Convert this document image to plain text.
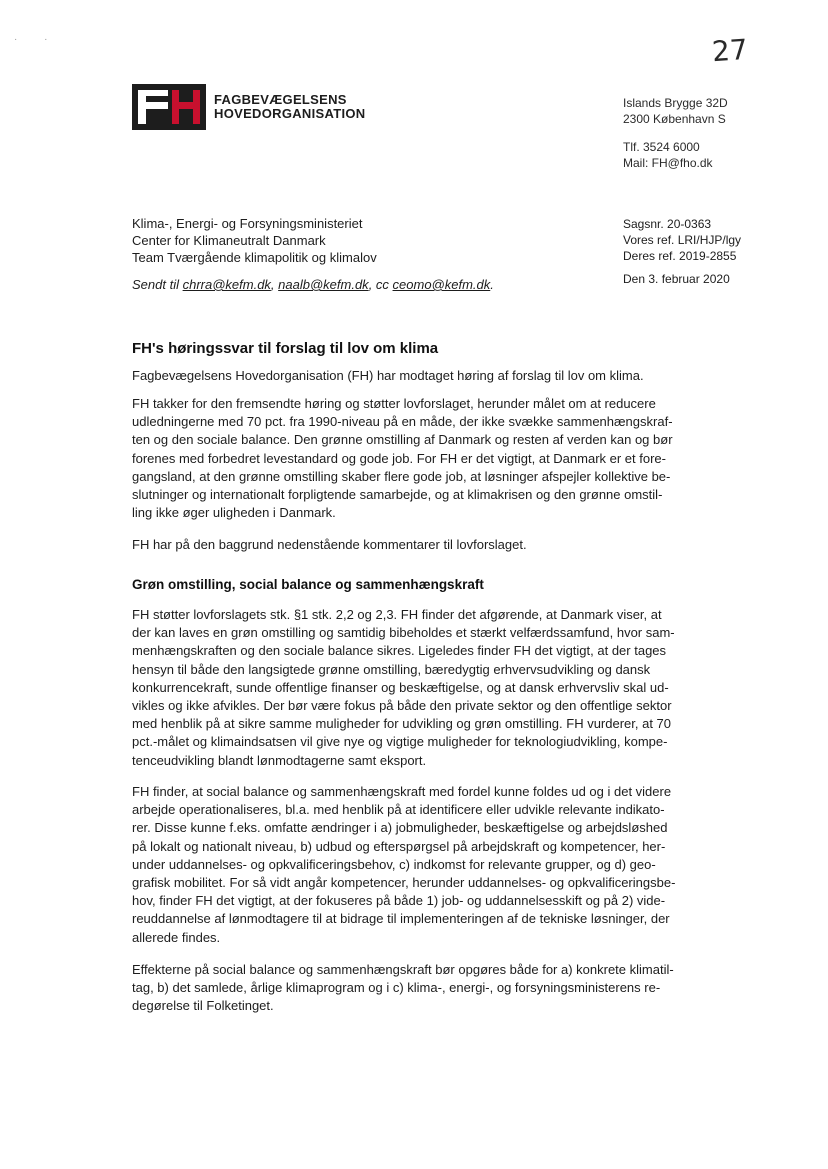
· ·	27
FAGBEVÆGELSENS
HOVEDORGANISATION
Islands Brygge 32D
2300 København S
Tlf. 3524 6000
Mail: FH@fho.dk
Klima-, Energi- og Forsyningsministeriet
Center for Klimaneutralt Danmark
Team Tværgående klimapolitik og klimalov
Sendt til chrra@kefm.dk, naalb@kefm.dk, cc ceomo@kefm.dk.
Sagsnr. 20-0363
Vores ref. LRI/HJP/lgy
Deres ref. 2019-2855
Den 3. februar 2020
FH's høringssvar til forslag til lov om klima
Fagbevægelsens Hovedorganisation (FH) har modtaget høring af forslag til lov om klima.
FH takker for den fremsendte høring og støtter lovforslaget, herunder målet om at reducere
udledningerne med 70 pct. fra 1990-niveau på en måde, der ikke svække sammenhængskraf-
ten og den sociale balance. Den grønne omstilling af Danmark og resten af verden kan og bør
forenes med forbedret levestandard og gode job. For FH er det vigtigt, at Danmark er et fore-
gangsland, at den grønne omstilling skaber flere gode job, at løsninger afspejler kollektive be-
slutninger og internationalt forpligtende samarbejde, og at klimakrisen og den grønne omstil-
ling ikke øger uligheden i Danmark.
FH har på den baggrund nedenstående kommentarer til lovforslaget.
Grøn omstilling, social balance og sammenhængskraft
FH støtter lovforslagets stk. §1 stk. 2,2 og 2,3. FH finder det afgørende, at Danmark viser, at
der kan laves en grøn omstilling og samtidig bibeholdes et stærkt velfærdssamfund, hvor sam-
menhængskraften og den sociale balance sikres. Ligeledes finder FH det vigtigt, at der tages
hensyn til både den langsigtede grønne omstilling, bæredygtig erhvervsudvikling og dansk
konkurrencekraft, sunde offentlige finanser og beskæftigelse, og at dansk erhvervsliv skal ud-
vikles og ikke afvikles. Der bør være fokus på både den private sektor og den offentlige sektor
med henblik på at sikre samme muligheder for udvikling og grøn omstilling. FH vurderer, at 70
pct.-målet og klimaindsatsen vil give nye og vigtige muligheder for teknologiudvikling, kompe-
tenceudvikling blandt lønmodtagerne samt eksport.
FH finder, at social balance og sammenhængskraft med fordel kunne foldes ud og i det videre
arbejde operationaliseres, bl.a. med henblik på at identificere eller udvikle relevante indikato-
rer. Disse kunne f.eks. omfatte ændringer i a) jobmuligheder, beskæftigelse og arbejdsløshed
på lokalt og nationalt niveau, b) udbud og efterspørgsel på arbejdskraft og kompetencer, her-
under uddannelses- og opkvalificeringsbehov, c) indkomst for relevante grupper, og d) geo-
grafisk mobilitet. For så vidt angår kompetencer, herunder uddannelses- og opkvalificeringsbe-
hov, finder FH det vigtigt, at der fokuseres på både 1) job- og uddannelsesskift og på 2) vide-
reuddannelse af lønmodtagere til at bidrage til implementeringen af de tekniske løsninger, der
allerede findes.
Effekterne på social balance og sammenhængskraft bør opgøres både for a) konkrete klimatil-
tag, b) det samlede, årlige klimaprogram og i c) klima-, energi-, og forsyningsministerens re-
degørelse til Folketinget.
